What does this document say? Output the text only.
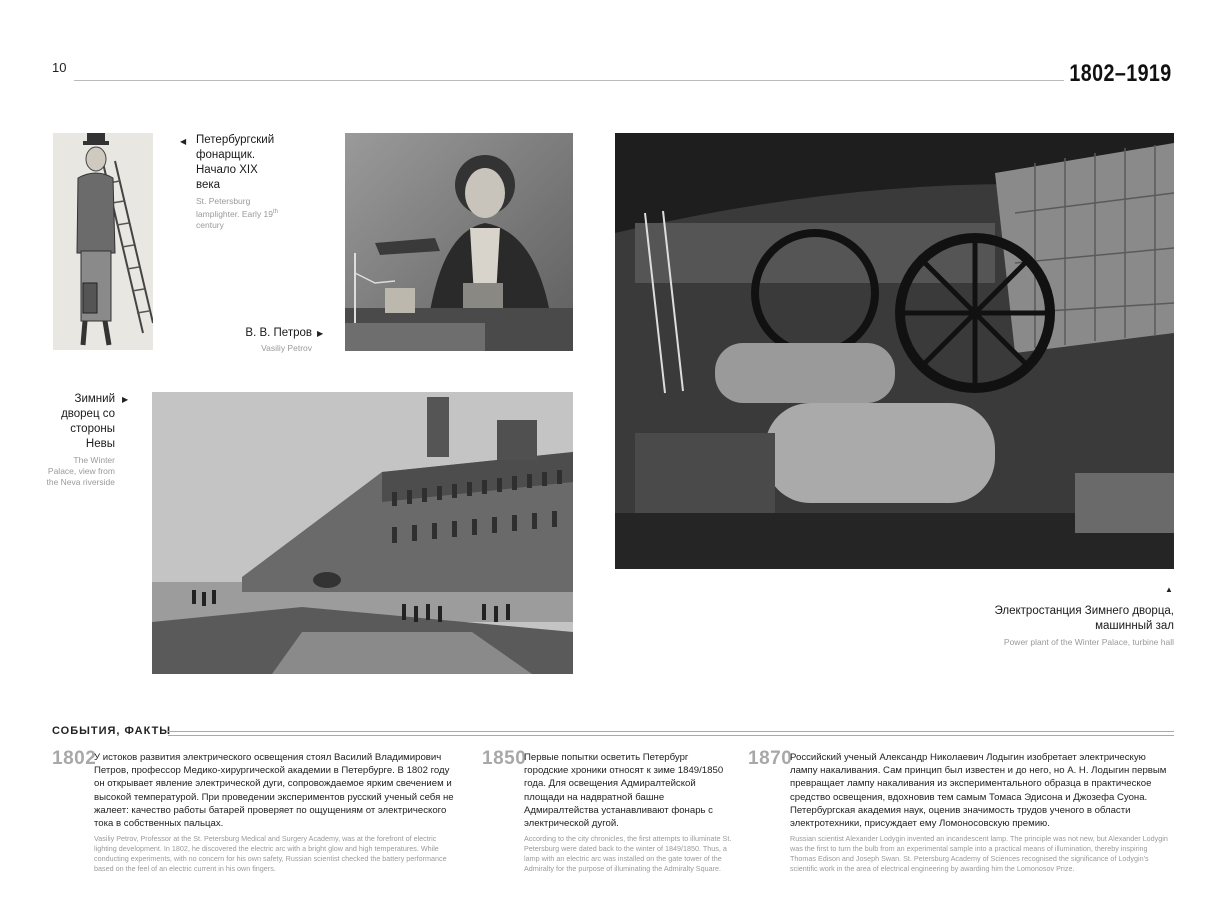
10	1802–1919
◀ Петербургский фонарщик. Начало XIX века
St. Petersburg lamplighter. Early 19th century
В. В. Петров
Vasiliy Petrov
▶
Зимний дворец со стороны Невы
The Winter Palace, view from the Neva riverside
▶
▲
Электростанция Зимнего дворца, машинный зал
Power plant of the Winter Palace, turbine hall
СОБЫТИЯ, ФАКТЫ
1802
У истоков развития электрического освещения стоял Василий Владимирович Петров, профессор Медико-хирургической академии в Петербурге. В 1802 году он открывает явление электрической дуги, сопровождаемое ярким свечением и высокой температурой. При проведении экспериментов русский ученый себя не жалеет: качество работы батарей проверяет по ощущениям от электрического тока в собственных пальцах.
Vasiliy Petrov, Professor at the St. Petersburg Medical and Surgery Academy, was at the forefront of electric lighting development. In 1802, he discovered the electric arc with a bright glow and high temperatures. While conducting experiments, with no concern for his own safety, Russian scientist checked the battery performance based on the feel of an electric current in his own fingers.
1850
Первые попытки осветить Петербург городские хроники относят к зиме 1849/1850 года. Для освещения Адмиралтейской площади на надвратной башне Адмиралтейства устанавливают фонарь с электрической дугой.
According to the city chronicles, the first attempts to illuminate St. Petersburg were dated back to the winter of 1849/1850. Thus, a lamp with an electric arc was installed on the gate tower of the Admiralty for the purpose of illuminating the Admiralty Square.
1870
Российский ученый Александр Николаевич Лодыгин изобретает электрическую лампу накаливания. Сам принцип был известен и до него, но А. Н. Лодыгин первым превращает лампу накаливания из экспериментального образца в практическое средство освещения, вдохновив тем самым Томаса Эдисона и Джозефа Суона. Петербургская академия наук, оценив значимость трудов ученого в области электротехники, присуждает ему Ломоносовскую премию.
Russian scientist Alexander Lodygin invented an incandescent lamp. The principle was not new, but Alexander Lodygin was the first to turn the bulb from an experimental sample into a practical means of illumination, thereby inspiring Thomas Edison and Joseph Swan. St. Petersburg Academy of Sciences recognised the significance of Lodygin's scientific work in the area of electrical engineering by awarding him the Lomonosov Prize.
